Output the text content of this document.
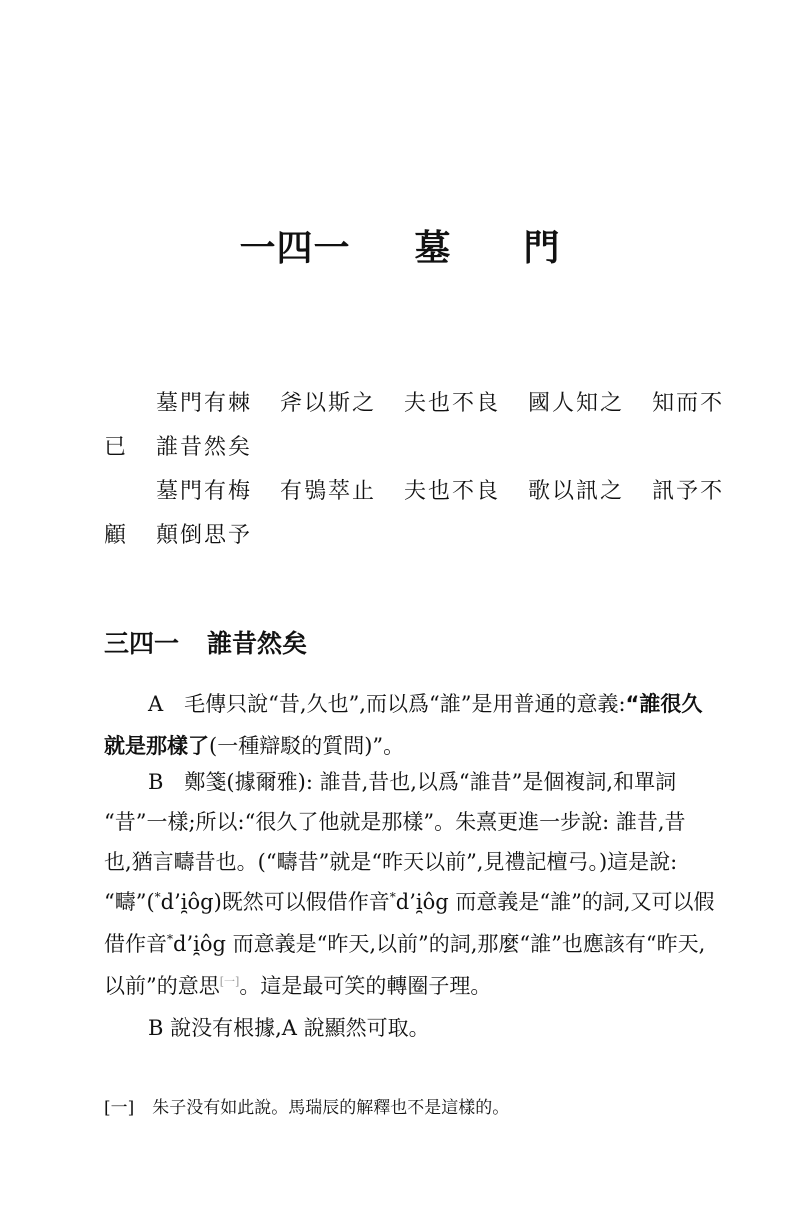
一四一 墓 門
墓門有棘 斧以斯之 夫也不良 國人知之 知而不
已 誰昔然矣
墓門有梅 有鴞萃止 夫也不良 歌以訊之 訊予不
顧 顛倒思予
三四一 誰昔然矣
A　毛傳只說“昔,久也”,而以爲“誰”是用普通的意義:“誰很久
就是那樣了(一種辯駁的質問)”。
B　鄭箋(據爾雅): 誰昔,昔也,以爲“誰昔”是個複詞,和單詞
“昔”一樣;所以:“很久了他就是那樣”。朱熹更進一步說: 誰昔,昔
也,猶言疇昔也。(“疇昔”就是“昨天以前”,見禮記檀弓。)這是說:
“疇”(*d’i̯ôg)既然可以假借作音*d’i̯ôg 而意義是“誰”的詞,又可以假
借作音*d’i̯ôg 而意義是“昨天,以前”的詞,那麼“誰”也應該有“昨天,
以前”的意思[一]。這是最可笑的轉圈子理。
B 說没有根據,A 說顯然可取。
[一] 朱子没有如此說。馬瑞辰的解釋也不是這樣的。
